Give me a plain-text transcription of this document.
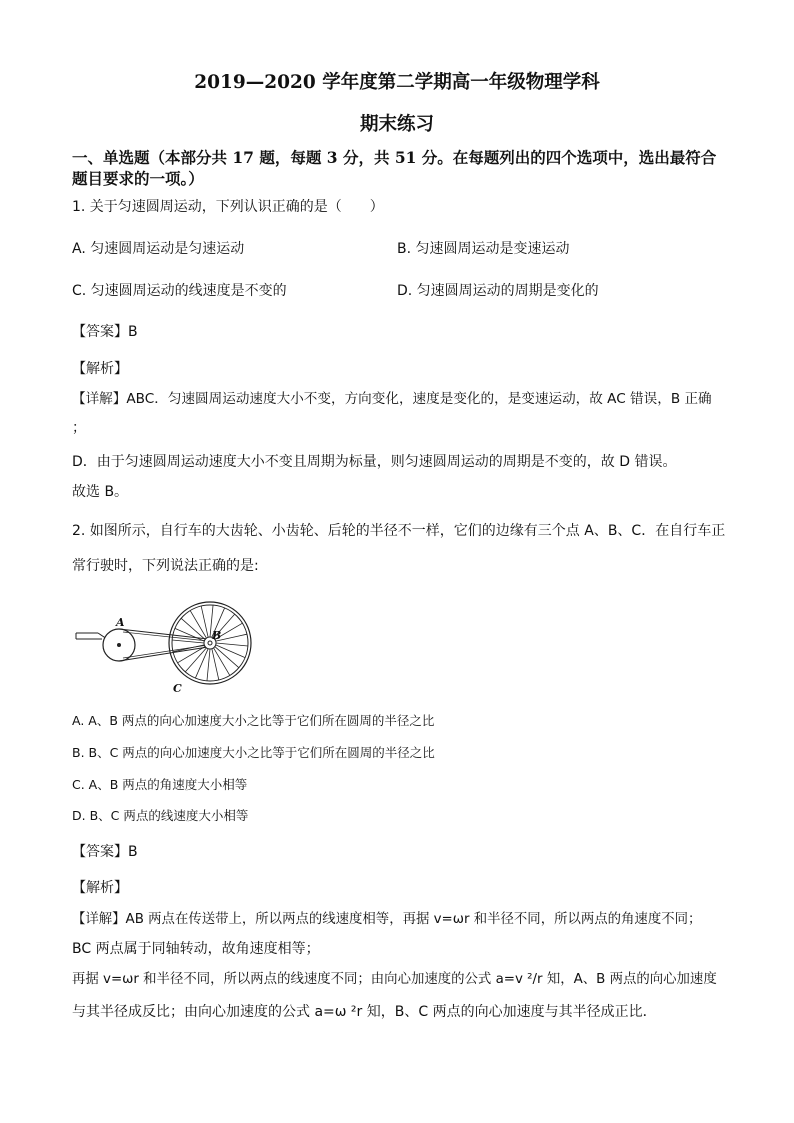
2019—2020 学年度第二学期高一年级物理学科
期末练习
一、单选题（本部分共 17 题，每题 3 分，共 51 分。在每题列出的四个选项中，选出最符合
题目要求的一项。）
1. 关于匀速圆周运动，下列认识正确的是（　　）
A. 匀速圆周运动是匀速运动	B. 匀速圆周运动是变速运动
C. 匀速圆周运动的线速度是不变的	D. 匀速圆周运动的周期是变化的
【答案】B
【解析】
【详解】ABC．匀速圆周运动速度大小不变，方向变化，速度是变化的，是变速运动，故 AC 错误，B 正确
；
D．由于匀速圆周运动速度大小不变且周期为标量，则匀速圆周运动的周期是不变的，故 D 错误。
故选 B。
2. 如图所示，自行车的大齿轮、小齿轮、后轮的半径不一样，它们的边缘有三个点 A、B、C．在自行车正
常行驶时，下列说法正确的是:
A
B
C
A. A、B 两点的向心加速度大小之比等于它们所在圆周的半径之比
B. B、C 两点的向心加速度大小之比等于它们所在圆周的半径之比
C. A、B 两点的角速度大小相等
D. B、C 两点的线速度大小相等
【答案】B
【解析】
【详解】AB 两点在传送带上，所以两点的线速度相等，再据 v=ωr 和半径不同，所以两点的角速度不同；
BC 两点属于同轴转动，故角速度相等；
再据 v=ωr 和半径不同，所以两点的线速度不同；由向心加速度的公式 a=v ²/r 知，A、B 两点的向心加速度
与其半径成反比；由向心加速度的公式 a=ω ²r 知，B、C 两点的向心加速度与其半径成正比．
